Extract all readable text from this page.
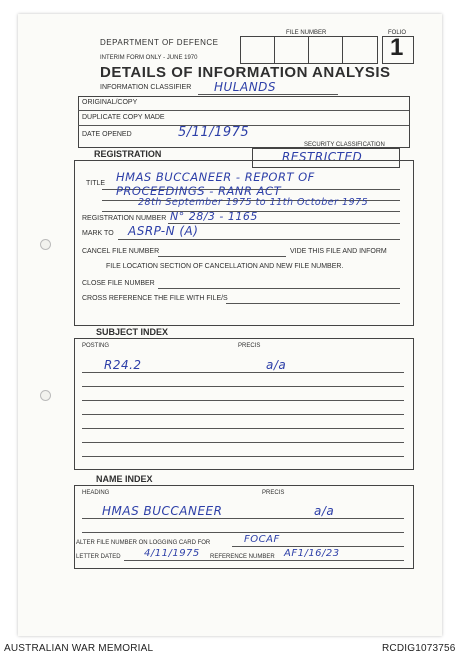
DEPARTMENT OF DEFENCE
INTERIM FORM ONLY - JUNE 1970
DETAILS OF INFORMATION ANALYSIS
FILE NUMBER	FOLIO
1
INFORMATION CLASSIFIER HULANDS
ORIGINAL/COPY
DUPLICATE COPY MADE
DATE OPENED	5/11/1975
REGISTRATION
SECURITY CLASSIFICATION
RESTRICTED
TITLE HMAS BUCCANEER - REPORT OF
PROCEEDINGS - RANR ACT
28th September 1975 to 11th October 1975
REGISTRATION NUMBER N° 28/3 - 1165
MARK TO ASRP-N (A)
CANCEL FILE NUMBER	VIDE THIS FILE AND INFORM
FILE LOCATION SECTION OF CANCELLATION AND NEW FILE NUMBER.
CLOSE FILE NUMBER
CROSS REFERENCE THE FILE WITH FILE/S
SUBJECT INDEX
POSTING	PRECIS
R24.2	a/a
NAME INDEX
HEADING	PRECIS
HMAS BUCCANEER	a/a
ALTER FILE NUMBER ON LOGGING CARD FOR	FOCAF
LETTER DATED 4/11/1975 REFERENCE NUMBER AF1/16/23
AUSTRALIAN WAR MEMORIAL	RCDIG1073756
